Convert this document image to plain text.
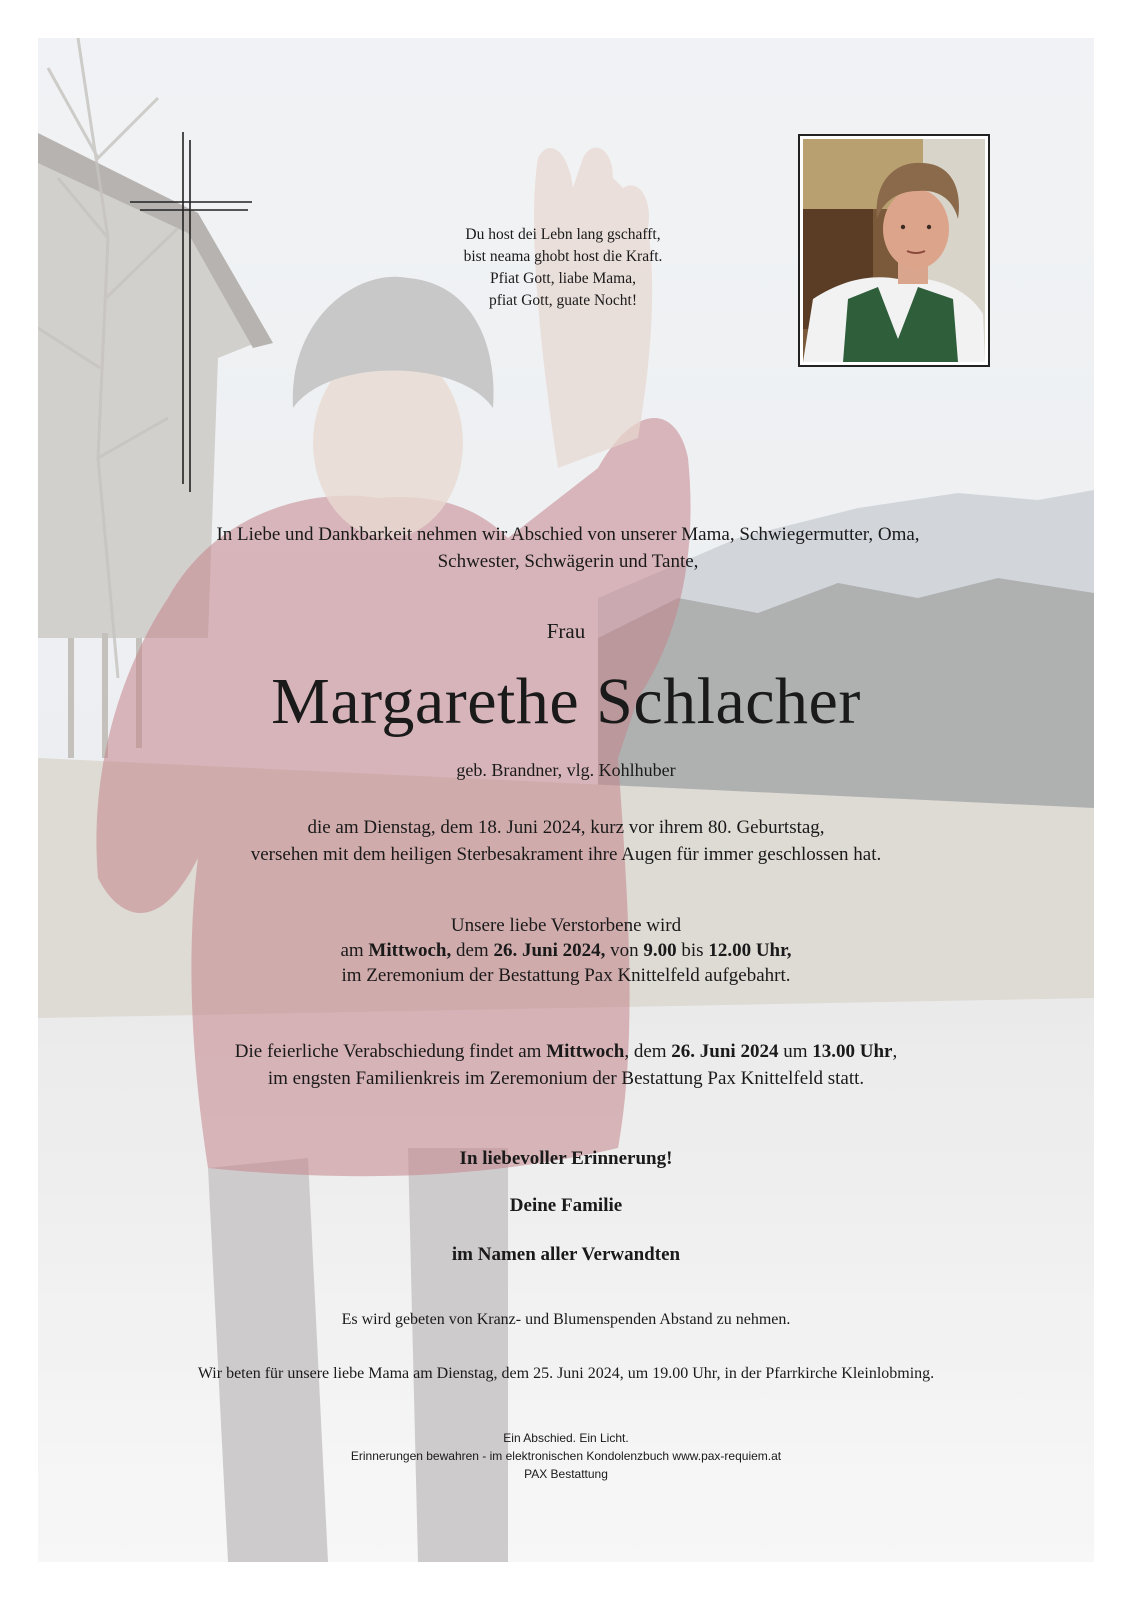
Du host dei Lebn lang gschafft,
bist neama ghobt host die Kraft.
Pfiat Gott, liabe Mama,
pfiat Gott, guate Nocht!
In Liebe und Dankbarkeit nehmen wir Abschied von unserer Mama, Schwiegermutter, Oma,
Schwester, Schwägerin und Tante,
Frau
Margarethe Schlacher
geb. Brandner, vlg. Kohlhuber
die am Dienstag, dem 18. Juni 2024, kurz vor ihrem 80. Geburtstag,
versehen mit dem heiligen Sterbesakrament ihre Augen für immer geschlossen hat.
Unsere liebe Verstorbene wird
am Mittwoch, dem 26. Juni 2024, von 9.00 bis 12.00 Uhr,
im Zeremonium der Bestattung Pax Knittelfeld aufgebahrt.
Die feierliche Verabschiedung findet am Mittwoch, dem 26. Juni 2024 um 13.00 Uhr,
im engsten Familienkreis im Zeremonium der Bestattung Pax Knittelfeld statt.
In liebevoller Erinnerung!
Deine Familie
im Namen aller Verwandten
Es wird gebeten von Kranz- und Blumenspenden Abstand zu nehmen.
Wir beten für unsere liebe Mama am Dienstag, dem 25. Juni 2024, um 19.00 Uhr, in der Pfarrkirche Kleinlobming.
Ein Abschied. Ein Licht.
Erinnerungen bewahren - im elektronischen Kondolenzbuch www.pax-requiem.at
PAX Bestattung
